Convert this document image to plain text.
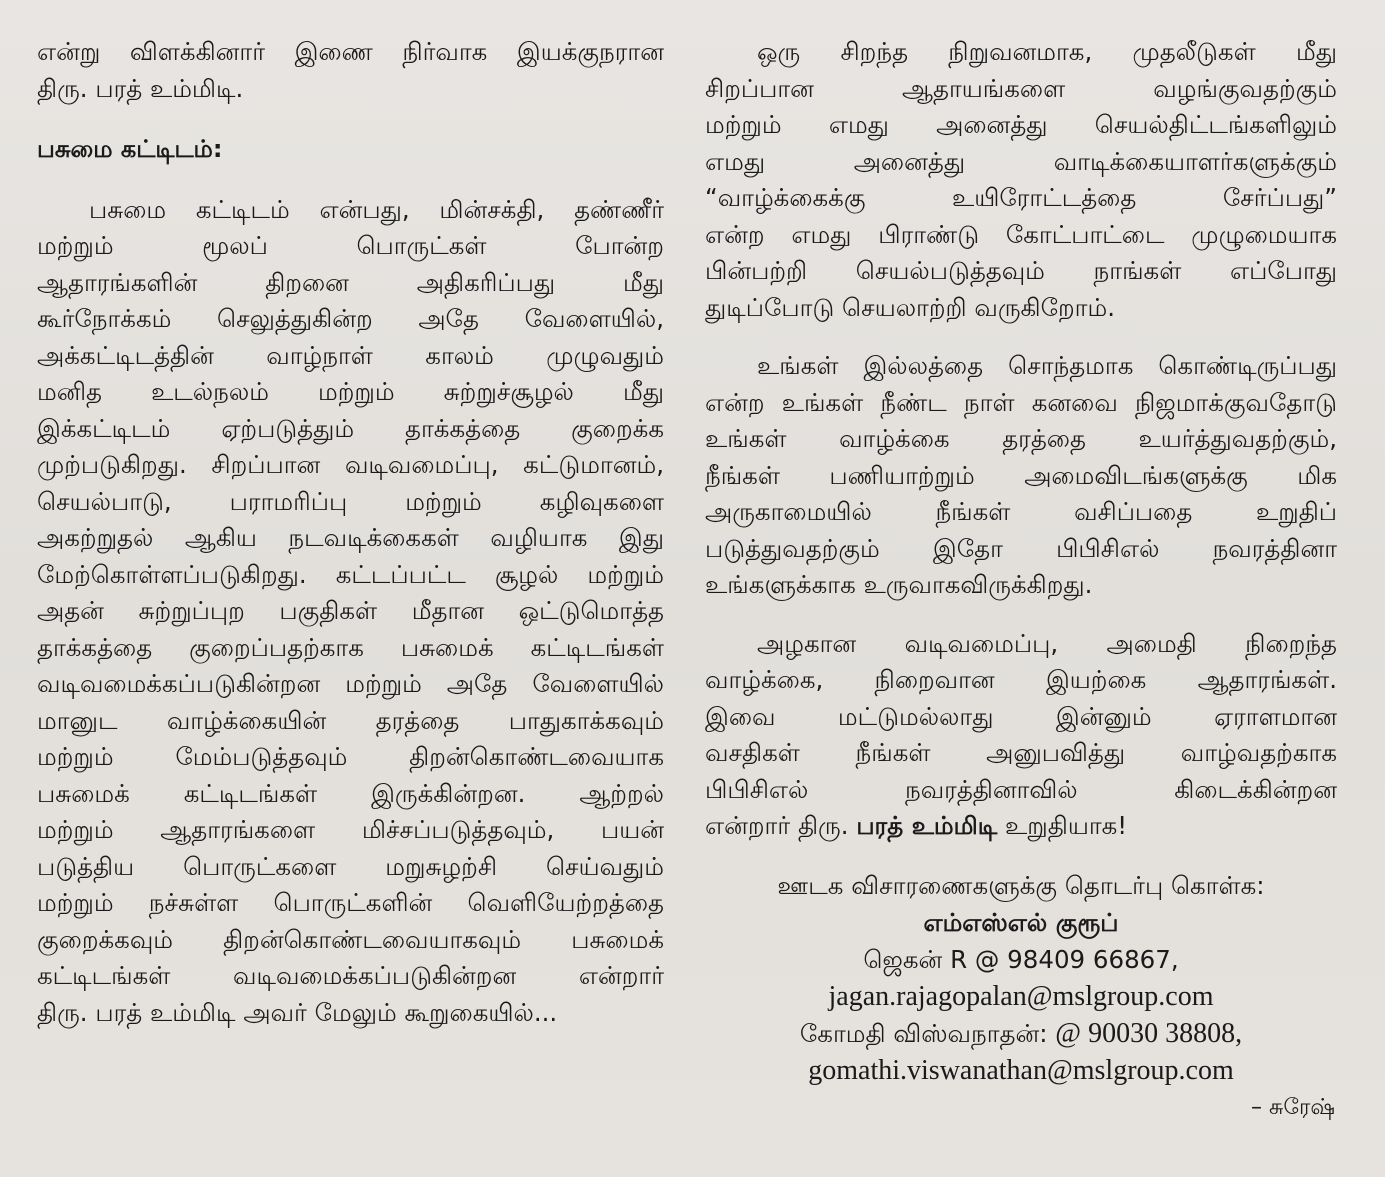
என்று விளக்கினார் இணை நிர்வாக இயக்குநரான
திரு. பரத் உம்மிடி.
பசுமை கட்டிடம்:
பசுமை கட்டிடம் என்பது, மின்சக்தி, தண்ணீர்
மற்றும் மூலப் பொருட்கள் போன்ற
ஆதாரங்களின் திறனை அதிகரிப்பது மீது
கூர்நோக்கம் செலுத்துகின்ற அதே வேளையில்,
அக்கட்டிடத்தின் வாழ்நாள் காலம் முழுவதும்
மனித உடல்நலம் மற்றும் சுற்றுச்சூழல் மீது
இக்கட்டிடம் ஏற்படுத்தும் தாக்கத்தை குறைக்க
முற்படுகிறது. சிறப்பான வடிவமைப்பு, கட்டுமானம்,
செயல்பாடு, பராமரிப்பு மற்றும் கழிவுகளை
அகற்றுதல் ஆகிய நடவடிக்கைகள் வழியாக இது
மேற்கொள்ளப்படுகிறது. கட்டப்பட்ட சூழல் மற்றும்
அதன் சுற்றுப்புற பகுதிகள் மீதான ஒட்டுமொத்த
தாக்கத்தை குறைப்பதற்காக பசுமைக் கட்டிடங்கள்
வடிவமைக்கப்படுகின்றன மற்றும் அதே வேளையில்
மானுட வாழ்க்கையின் தரத்தை பாதுகாக்கவும்
மற்றும் மேம்படுத்தவும் திறன்கொண்டவையாக
பசுமைக் கட்டிடங்கள் இருக்கின்றன. ஆற்றல்
மற்றும் ஆதாரங்களை மிச்சப்படுத்தவும், பயன்
படுத்திய பொருட்களை மறுசுழற்சி செய்வதும்
மற்றும் நச்சுள்ள பொருட்களின் வெளியேற்றத்தை
குறைக்கவும் திறன்கொண்டவையாகவும் பசுமைக்
கட்டிடங்கள் வடிவமைக்கப்படுகின்றன என்றார்
திரு. பரத் உம்மிடி அவர் மேலும் கூறுகையில்...
ஒரு சிறந்த நிறுவனமாக, முதலீடுகள் மீது
சிறப்பான ஆதாயங்களை வழங்குவதற்கும்
மற்றும் எமது அனைத்து செயல்திட்டங்களிலும்
எமது அனைத்து வாடிக்கையாளர்களுக்கும்
“வாழ்க்கைக்கு உயிரோட்டத்தை சேர்ப்பது”
என்ற எமது பிராண்டு கோட்பாட்டை முழுமையாக
பின்பற்றி செயல்படுத்தவும் நாங்கள் எப்போது
துடிப்போடு செயலாற்றி வருகிறோம்.
உங்கள் இல்லத்தை சொந்தமாக கொண்டிருப்பது
என்ற உங்கள் நீண்ட நாள் கனவை நிஜமாக்குவதோடு
உங்கள் வாழ்க்கை தரத்தை உயர்த்துவதற்கும்,
நீங்கள் பணியாற்றும் அமைவிடங்களுக்கு மிக
அருகாமையில் நீங்கள் வசிப்பதை உறுதிப்
படுத்துவதற்கும் இதோ பிபிசிஎல் நவரத்தினா
உங்களுக்காக உருவாகவிருக்கிறது.
அழகான வடிவமைப்பு, அமைதி நிறைந்த
வாழ்க்கை, நிறைவான இயற்கை ஆதாரங்கள்.
இவை மட்டுமல்லாது இன்னும் ஏராளமான
வசதிகள் நீங்கள் அனுபவித்து வாழ்வதற்காக
பிபிசிஎல் நவரத்தினாவில் கிடைக்கின்றன
என்றார் திரு. பரத் உம்மிடி உறுதியாக!
ஊடக விசாரணைகளுக்கு தொடர்பு கொள்க:
எம்எஸ்எல் குரூப்
ஜெகன் R @ 98409 66867,
jagan.rajagopalan@mslgroup.com
கோமதி விஸ்வநாதன்: @ 90030 38808,
gomathi.viswanathan@mslgroup.com
– சுரேஷ்
